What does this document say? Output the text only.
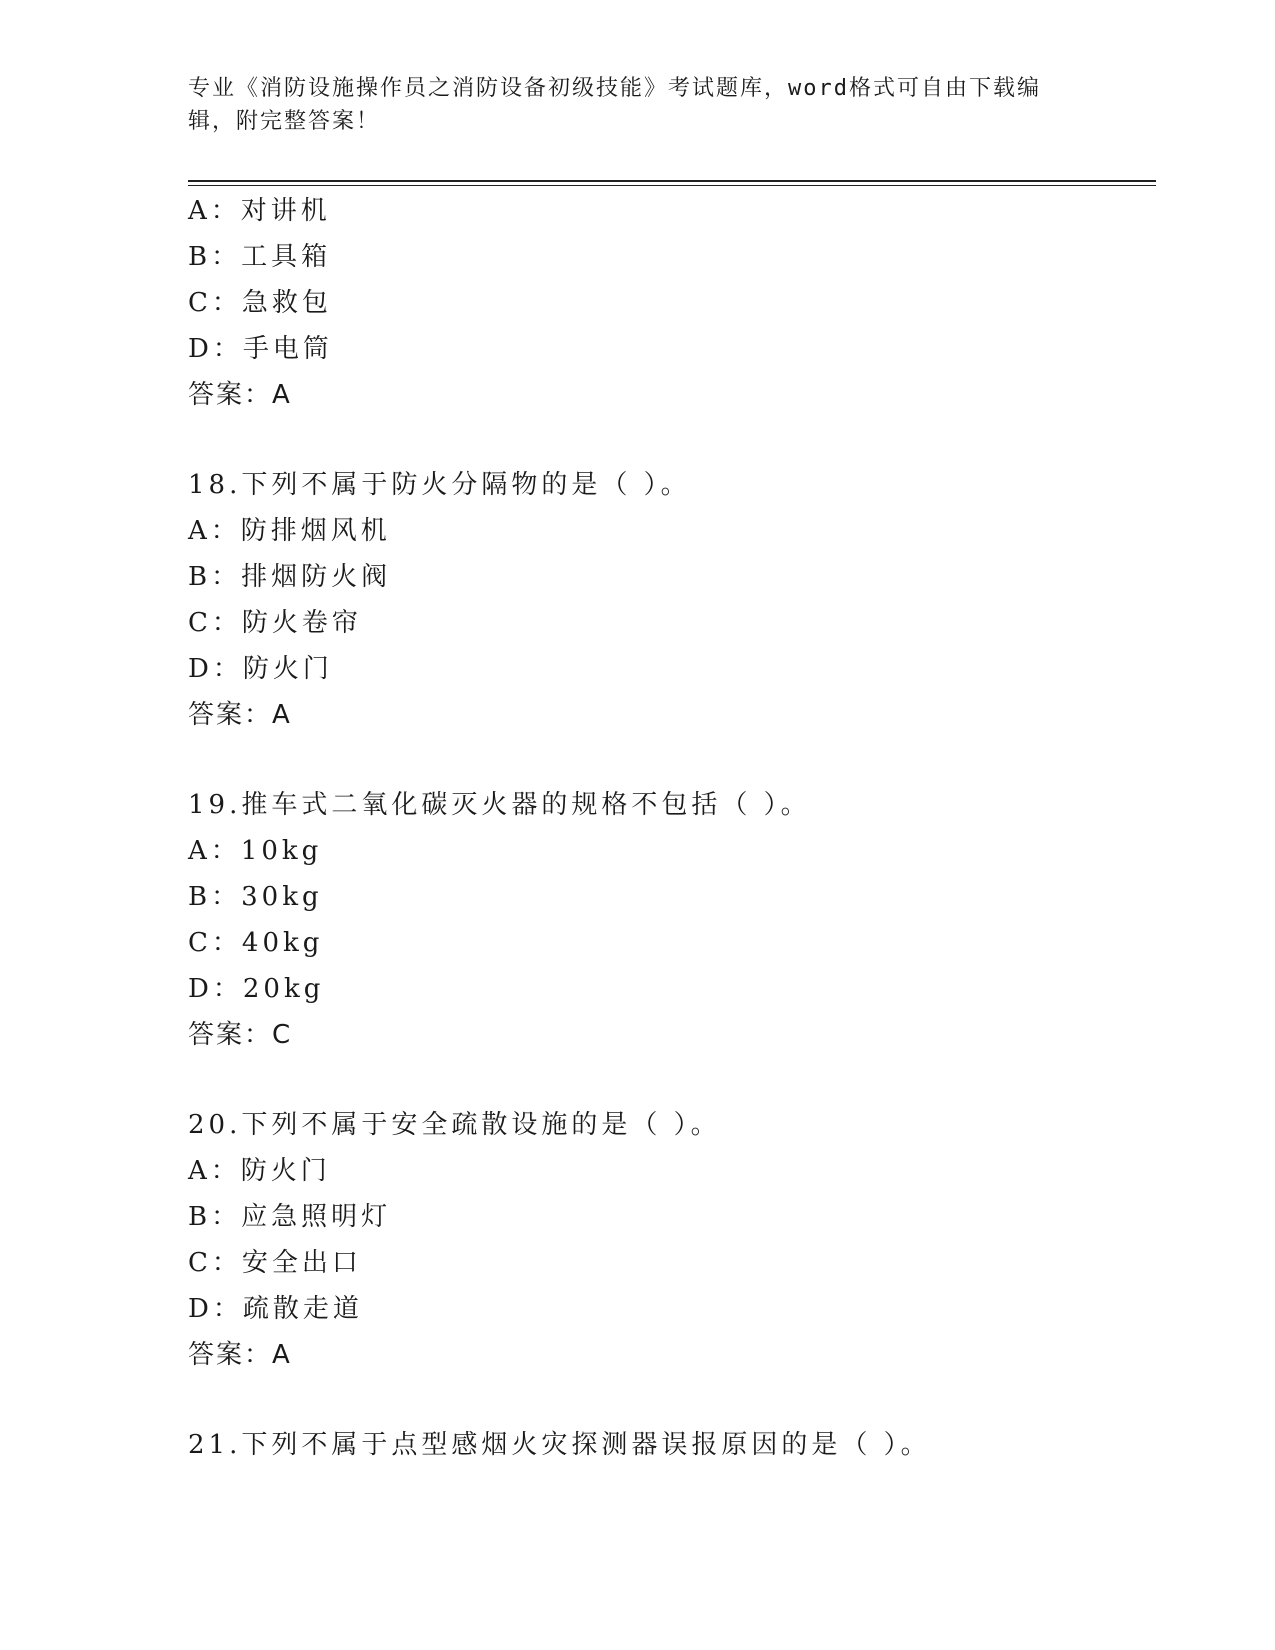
专业《消防设施操作员之消防设备初级技能》考试题库，word格式可自由下载编
辑，附完整答案！
A ： 对讲机
B ： 工具箱
C ： 急救包
D ： 手电筒
答案：A
18 . 下列不属于防火分隔物的是（ ）。
A ： 防排烟风机
B ： 排烟防火阀
C ： 防火卷帘
D ： 防火门
答案：A
19 . 推车式二氧化碳灭火器的规格不包括（ ）。
A ： 10kg
B ： 30kg
C ： 40kg
D ： 20kg
答案：C
20 . 下列不属于安全疏散设施的是（ ）。
A ： 防火门
B ： 应急照明灯
C ： 安全出口
D ： 疏散走道
答案：A
21 . 下列不属于点型感烟火灾探测器误报原因的是（ ）。
